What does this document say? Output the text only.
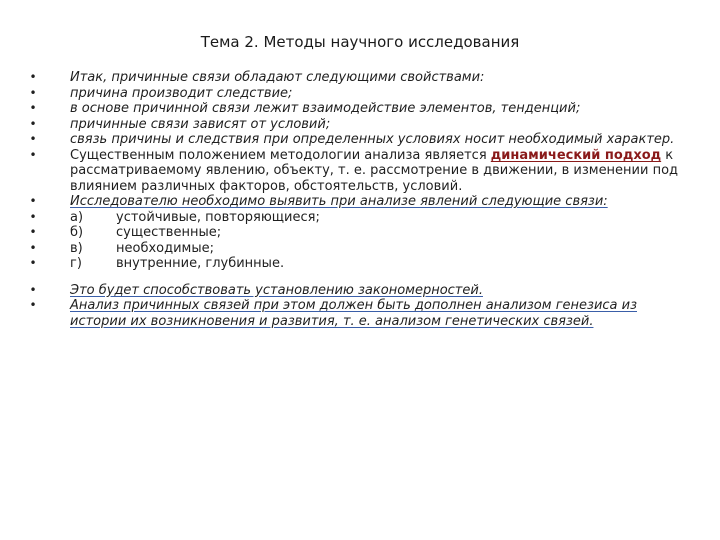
Тема 2. Методы научного исследования
•	Итак, причинные связи обладают следующими свойствами:
•	причина производит следствие;
•	в основе причинной связи лежит взаимодействие элементов, тенденций;
•	причинные связи зависят от условий;
•	связь причины и следствия при определенных условиях носит необходимый характер.
•	Существенным положением методологии анализа является динамический подход к рассматриваемому явлению, объекту, т. е. рассмотрение в движении, в изменении под влиянием различных факторов, обстоятельств, условий.
•	Исследователю необходимо выявить при анализе явлений следующие связи:
•	а)	устойчивые, повторяющиеся;
•	б)	существенные;
•	в)	необходимые;
•	г)	внутренние, глубинные.
•	Это будет способствовать установлению закономерностей.
•	Анализ причинных связей при этом должен быть дополнен анализом генезиса из истории их возникновения и развития, т. е. анализом генетических связей.
